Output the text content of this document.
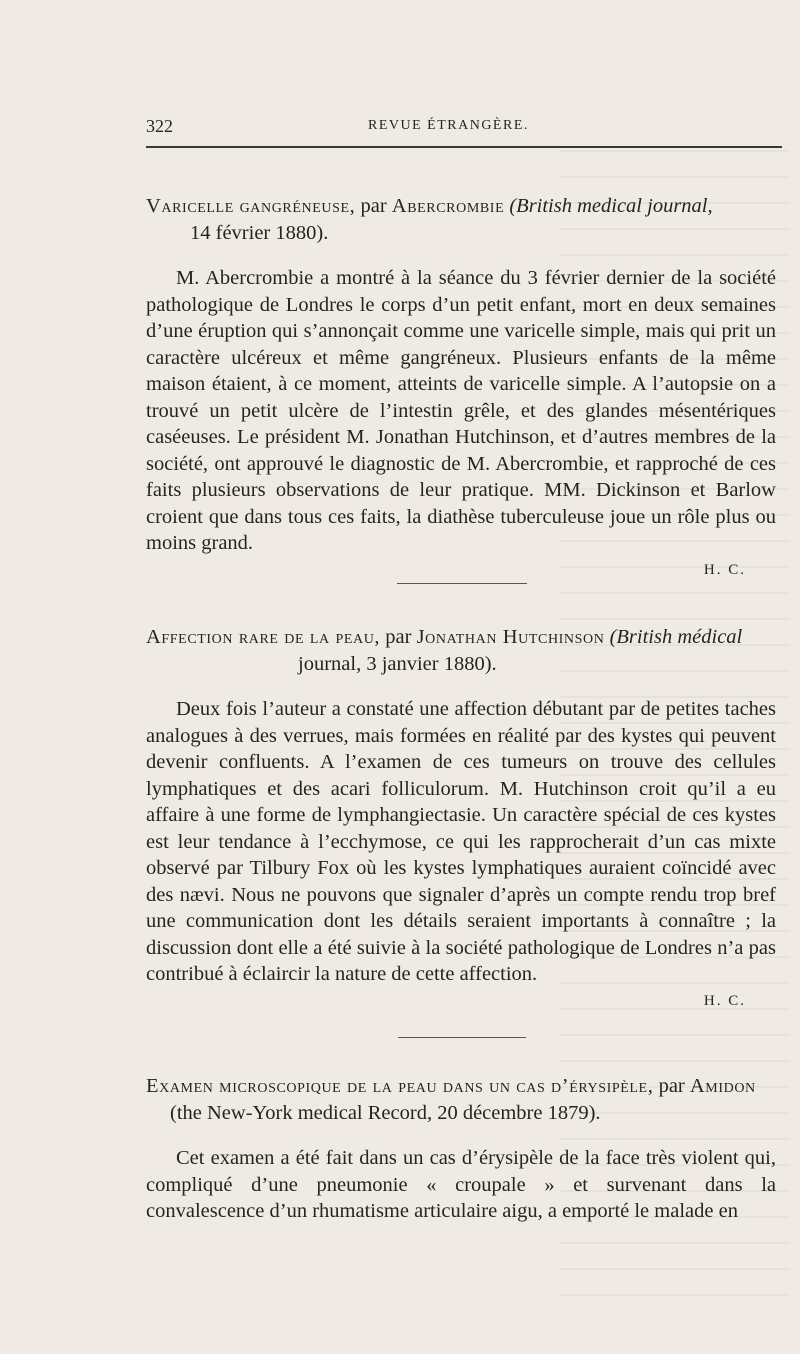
322	REVUE ÉTRANGÈRE.
Varicelle gangréneuse, par Abercrombie (British medical journal,
14 février 1880).

M. Abercrombie a montré à la séance du 3 février dernier de la société pathologique de Londres le corps d’un petit enfant, mort en deux semaines d’une éruption qui s’annonçait comme une varicelle simple, mais qui prit un caractère ulcéreux et même gangréneux. Plusieurs enfants de la même maison étaient, à ce moment, atteints de varicelle simple. A l’autopsie on a trouvé un petit ulcère de l’intestin grêle, et des glandes mésentériques caséeuses. Le président M. Jonathan Hutchinson, et d’autres membres de la société, ont approuvé le diagnostic de M. Abercrombie, et rapproché de ces faits plusieurs observations de leur pratique. MM. Dickinson et Barlow croient que dans tous ces faits, la diathèse tuberculeuse joue un rôle plus ou moins grand.

H. C.
Affection rare de la peau, par Jonathan Hutchinson (British médical
journal, 3 janvier 1880).

Deux fois l’auteur a constaté une affection débutant par de petites taches analogues à des verrues, mais formées en réalité par des kystes qui peuvent devenir confluents. A l’examen de ces tumeurs on trouve des cellules lymphatiques et des acari folliculorum. M. Hutchinson croit qu’il a eu affaire à une forme de lymphangiectasie. Un caractère spécial de ces kystes est leur tendance à l’ecchymose, ce qui les rapprocherait d’un cas mixte observé par Tilbury Fox où les kystes lymphatiques auraient coïncidé avec des nævi. Nous ne pouvons que signaler d’après un compte rendu trop bref une communication dont les détails seraient importants à connaître ; la discussion dont elle a été suivie à la société pathologique de Londres n’a pas contribué à éclaircir la nature de cette affection.

H. C.
Examen microscopique de la peau dans un cas d’érysipèle, par Amidon
(the New-York medical Record, 20 décembre 1879).

Cet examen a été fait dans un cas d’érysipèle de la face très violent qui, compliqué d’une pneumonie « croupale » et survenant dans la convalescence d’un rhumatisme articulaire aigu, a emporté le malade en
